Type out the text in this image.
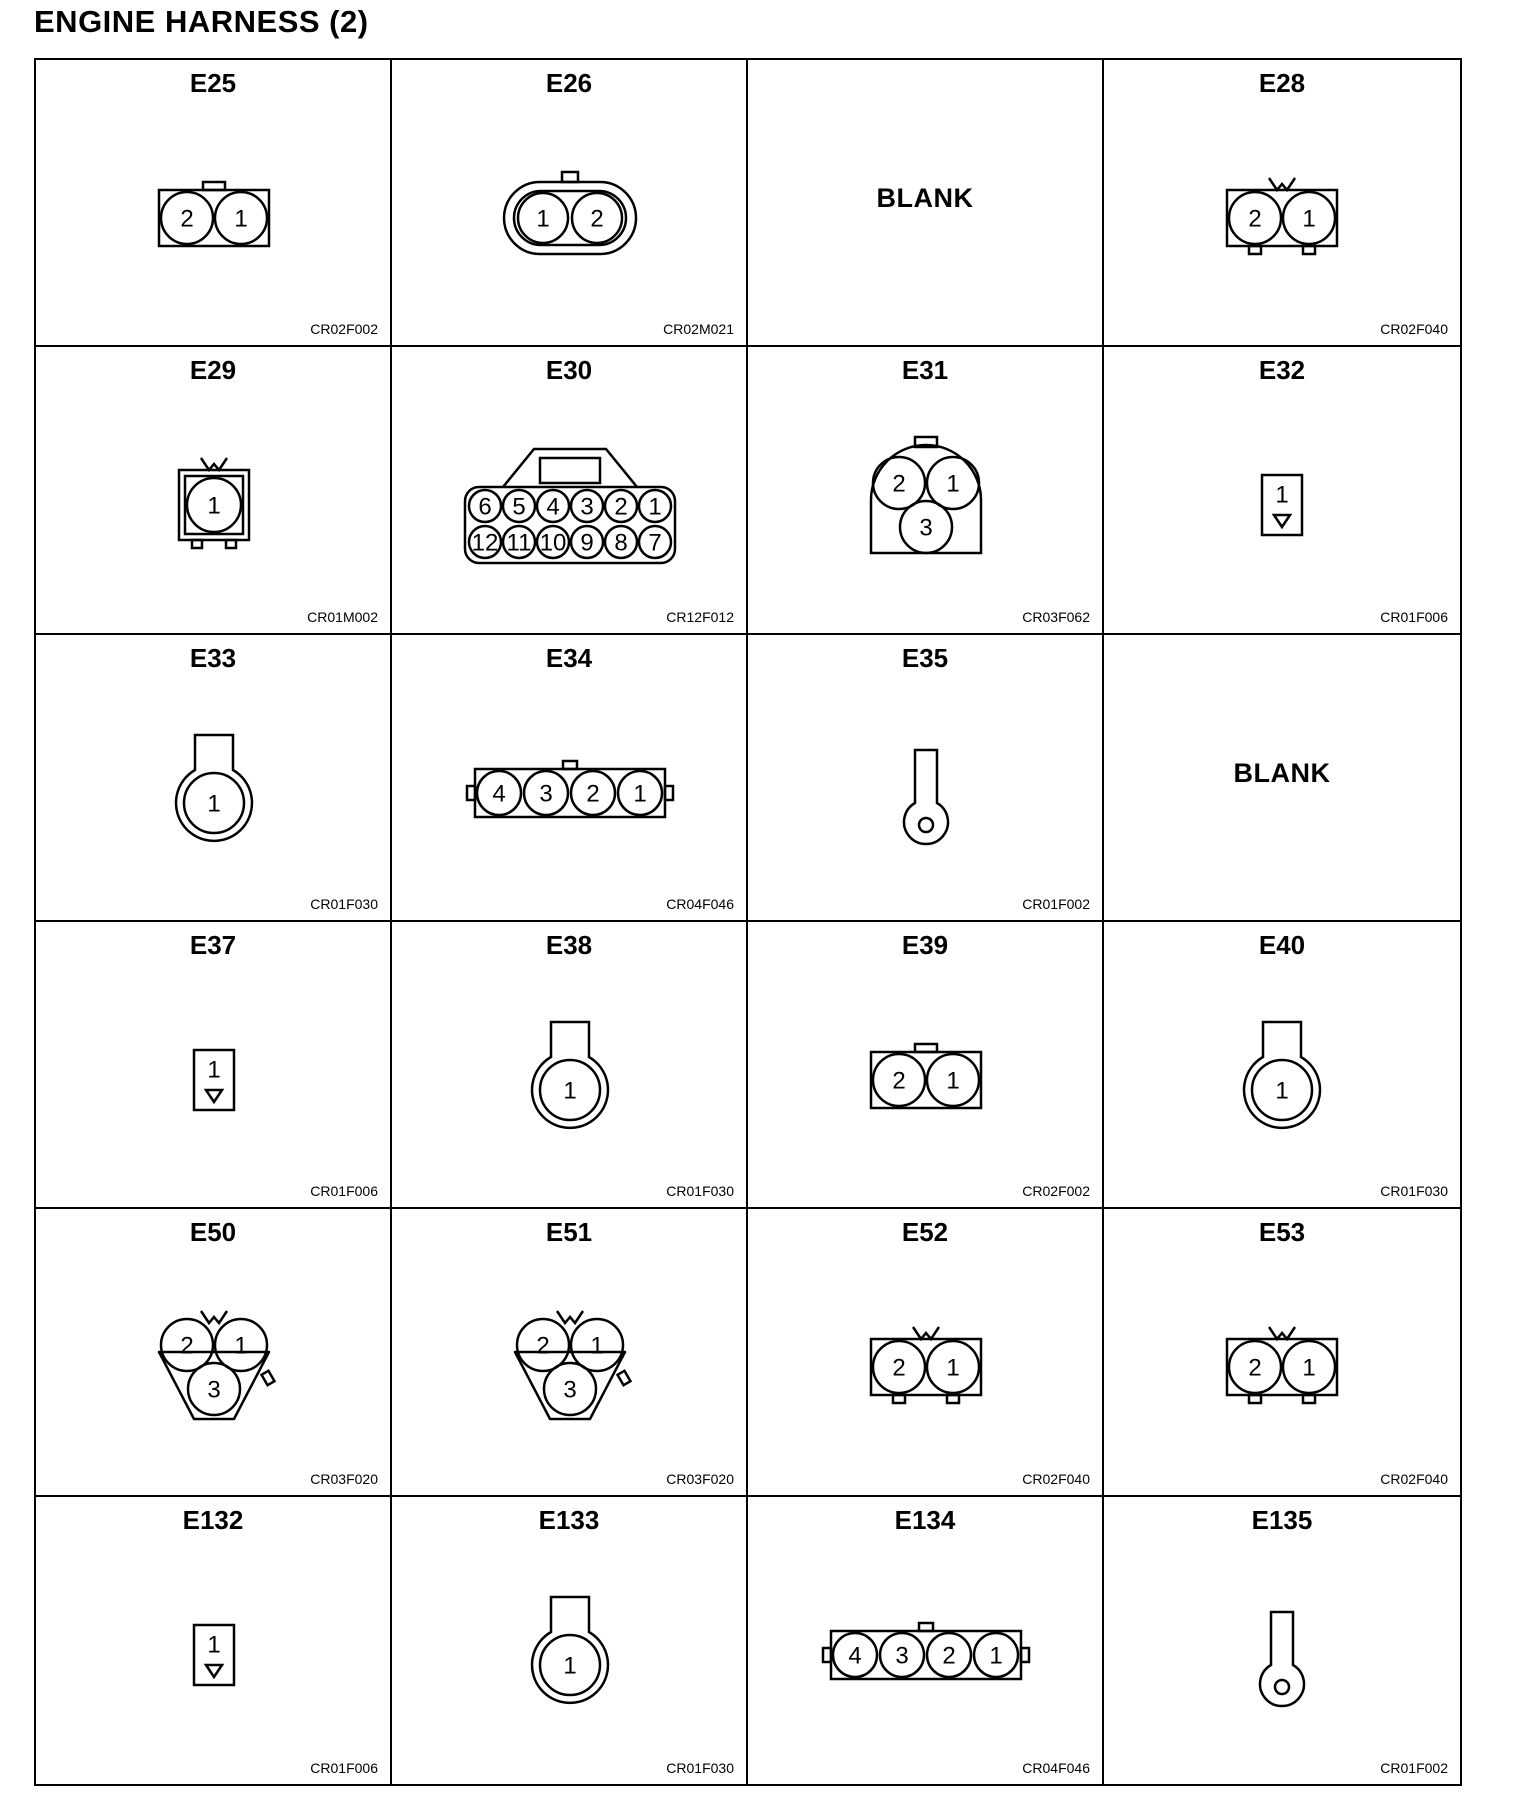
ENGINE HARNESS (2)
E25
2 1
CR02F002
E26
1 2
CR02M021
BLANK
E28
2 1
CR02F040
E29
1
CR01M002
E30
6
12
5
11
4
10
3
9
2
8
1
7
CR12F012
E31
2 1
3
CR03F062
E32
1
CR01F006
E33
1
CR01F030
E34
4 3 2 1
CR04F046
E35
CR01F002
BLANK
E37
1
CR01F006
E38
1
CR01F030
E39
2 1
CR02F002
E40
1
CR01F030
E50
2 1
3
CR03F020
E51
2 1
3
CR03F020
E52
2 1
CR02F040
E53
2 1
CR02F040
E132
1
CR01F006
E133
1
CR01F030
E134
4 3 2 1
CR04F046
E135
CR01F002
